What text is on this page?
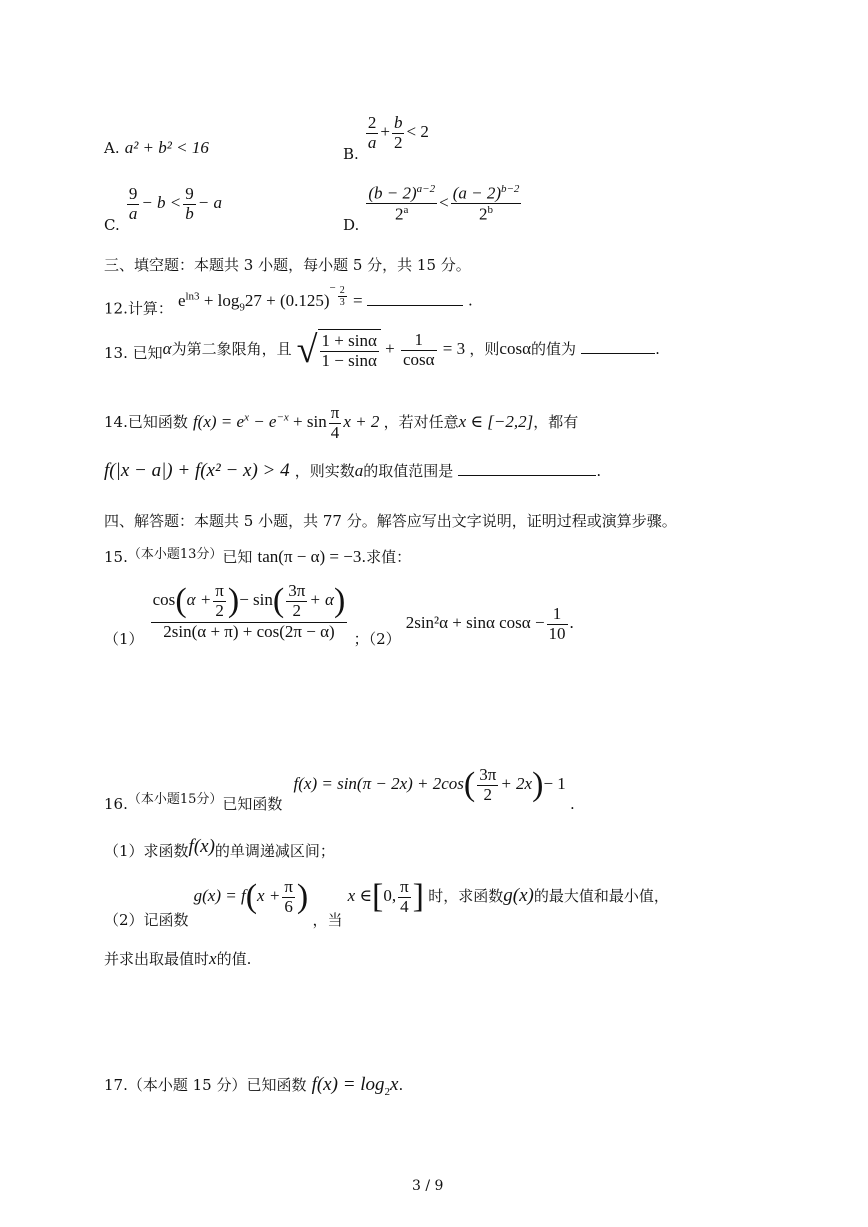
A. a² + b² < 16	B.
$\frac{2}{a} + \frac{b}{2} < 2$
C.
$\frac{9}{a} - b < \frac{9}{b} - a$
D.
$\frac{(b - 2)^{a-2}}{2^a} < \frac{(a - 2)^{b-2}}{2^b}$
三、填空题：本题共 3 小题，每小题 5 分，共 15 分。
12.计算： $e^{ln3} + \log_927 + (0.125)^{- \frac{2}{3}}$ =	.
13. 已知α为第二象限角，且 √ $\frac{1 + \sin\alpha}{1 - \sin\alpha} + \frac{1}{\cos\alpha} = 3$ ，则cosα的值为	.
14.已知函数 $f(x) = e^x - e^{-x} + \sin \frac{\pi}{4}$ x + 2 ，若对任意x ∈ [−2,2]，都有
f(|x − a|) + f(x² − x) > 4 ，则实数a的取值范围是	.
四、解答题：本题共 5 小题，共 77 分。解答应写出文字说明，证明过程或演算步骤。
15.$^{(本小题13分)}$已知 tan(π − α) = −3.求值：
$(1) \frac{\cos(\alpha + \frac{\pi}{2} )- \sin( \frac{3\pi}{2} + \alpha)}{2\sin(\alpha + \pi) + \cos(2\pi - \alpha)}$ ；（2） 2sin²α + sinα $\cos\alpha - \frac{1}{10}$ .
$16._{(本小题15分)}$已知函数 $f(x) = \sin(\pi - 2x) + 2\cos( \frac{3\pi}{2} + 2x)- 1$ .
（1）求函数f(x)的单调递减区间；
（2）记函数 $g(x) = f(x + \frac{\pi}{6}$ ) ，当 x ∈[0, $\frac{\pi}{4}$ ] 时，求函数g(x)的最大值和最小值，
并求出取最值时x的值.
17.（本小题 15 分）已知函数 $f(x) = \log_2x$.
3 / 9
